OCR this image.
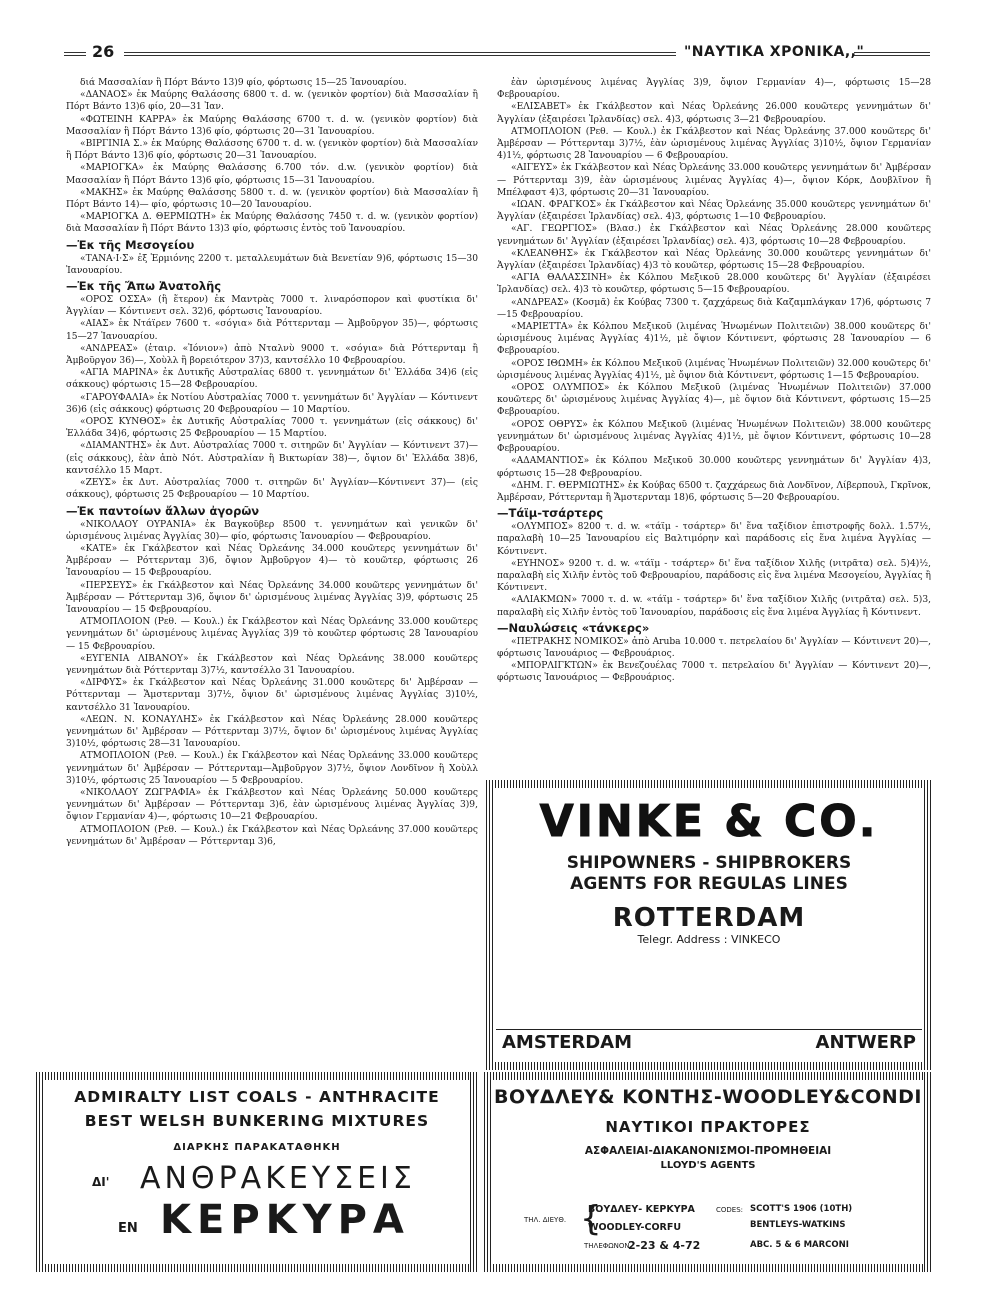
26	"ΝΑΥΤΙΚΑ ΧΡΟΝΙΚΑ,,"

διά Μασσαλίαν ἢ Πόρτ Βάντο 13)9 φίο, φόρτωσις 15—25 Ἰανουαρίου.

«ΔΑΝΑΟΣ» ἐκ Μαύρης Θαλάσσης 6800 τ. d. w. (γενικὸν φορτίον) διὰ Μασσαλίαν ἢ Πόρτ Βάντο 13)6 φίο, 20—31 Ἰαν.

«ΦΩΤΕΙΝΗ ΚΑΡΡΑ» ἐκ Μαύρης Θαλάσσης 6700 τ. d. w. (γενικὸν φορτίον) διὰ Μασσαλίαν ἢ Πόρτ Βάντο 13)6 φίο, φόρτωσις 20—31 Ἰανουαρίου.

«ΒΙΡΓΙΝΙΑ Σ.» ἐκ Μαύρης Θαλάσσης 6700 τ. d. w. (γενικὸν φορτίον) διὰ Μασσαλίαν ἢ Πόρτ Βάντο 13)6 φίο, φόρτωσις 20—31 Ἰανουαρίου.

«ΜΑΡΙΟΓΚΑ» ἐκ Μαύρης Θαλάσσης 6.700 τόν. d.w. (γενικὸν φορτίον) διὰ Μασσαλίαν ἢ Πόρτ Βάντο 13)6 φίο, φόρτωσις 15—31 Ἰανουαρίου.

«ΜΑΚΗΣ» ἐκ Μαύρης Θαλάσσης 5800 τ. d. w. (γενικὸν φορτίον) διὰ Μασσαλίαν ἢ Πόρτ Βάντο 14)— φίο, φόρτωσις 10—20 Ἰανουαρίου.

«ΜΑΡΙΟΓΚΑ Δ. ΘΕΡΜΙΩΤΗ» ἐκ Μαύρης Θαλάσσης 7450 τ. d. w. (γενικὸν φορτίον) διὰ Μασσαλίαν ἢ Πόρτ Βάντο 13)3 φίο, φόρτωσις ἐντὸς τοῦ Ἰανουαρίου.

—Ἐκ τῆς Μεσογείου

«ΤΑΝΑ·Ι·Σ» ἐξ Ἑρμιόνης 2200 τ. μεταλλευμάτων διὰ Βενετίαν 9)6, φόρτωσις 15—30 Ἰανουαρίου.

—Ἐκ τῆς Ἄπω Ἀνατολῆς

«ΟΡΟΣ ΟΣΣΑ» (ἢ ἕτερον) ἐκ Μαντρὰς 7000 τ. λιναρόσπορον καὶ φυστίκια δι' Ἀγγλίαν — Κόντινεντ σελ. 32)6, φόρτωσις Ἰανουαρίου.

«ΑΙΑΣ» ἐκ Ντάϊρεν 7600 τ. «σόγια» διὰ Ρόττερνταμ — Ἀμβοῦργον 35)—, φόρτωσις 15—27 Ἰανουαρίου.

«ΑΝΔΡΕΑΣ» (ἑταιρ. «Ἰόνιον») ἀπὸ Νταλνὺ 9000 τ. «σόγια» διὰ Ρόττερνταμ ἢ Ἀμβοῦργον 36)—, Χοὺλλ ἢ βορειότερον 37)3, καντσέλλο 10 Φεβρουαρίου.

«ΑΓΙΑ ΜΑΡΙΝΑ» ἐκ Δυτικῆς Αὐστραλίας 6800 τ. γεννημάτων δι' Ἑλλάδα 34)6 (εἰς σάκκους) φόρτωσις 15—28 Φεβρουαρίου.

«ΓΑΡΟΥΦΑΛΙΑ» ἐκ Νοτίου Αὐστραλίας 7000 τ. γεννημάτων δι' Ἀγγλίαν — Κόντινεντ 36)6 (εἰς σάκκους) φόρτωσις 20 Φεβρουαρίου — 10 Μαρτίου.

«ΟΡΟΣ ΚΥΝΘΟΣ» ἐκ Δυτικῆς Αὐστραλίας 7000 τ. γεννημάτων (εἰς σάκκους) δι' Ἑλλάδα 34)6, φόρτωσις 25 Φεβρουαρίου — 15 Μαρτίου.

«ΔΙΑΜΑΝΤΗΣ» ἐκ Δυτ. Αὐστραλίας 7000 τ. σιτηρῶν δι' Ἀγγλίαν — Κόντινεντ 37)— (εἰς σάκκους), ἐὰν ἀπὸ Νότ. Αὐστραλίαν ἢ Βικτωρίαν 38)—, ὄψιον δι' Ἑλλάδα 38)6, καντσέλλο 15 Μαρτ.

«ΖΕΥΣ» ἐκ Δυτ. Αὐστραλίας 7000 τ. σιτηρῶν δι' Ἀγγλίαν—Κόντινεντ 37)— (εἰς σάκκους), φόρτωσις 25 Φεβρουαρίου — 10 Μαρτίου.

—Ἐκ παντοίων ἄλλων ἀγορῶν

«ΝΙΚΟΛΑΟΥ ΟΥΡΑΝΙΑ» ἐκ Βαγκοῦβερ 8500 τ. γεννημάτων καὶ γενικῶν δι' ὡρισμένους λιμένας Ἀγγλίας 30)— φίο, φόρτωσις Ἰανουαρίου — Φεβρουαρίου.

«ΚΑΤΕ» ἐκ Γκάλβεστον καὶ Νέας Ὀρλεάνης 34.000 κουῶτερς γεννημάτων δι' Ἀμβέρσαν — Ρόττερνταμ 3)6, ὄψιον Ἀμβοῦργον 4)— τὸ κουῶτερ, φόρτωσις 26 Ἰανουαρίου — 15 Φεβρουαρίου.

«ΠΕΡΣΕΥΣ» ἐκ Γκάλβεστον καὶ Νέας Ὀρλεάνης 34.000 κουῶτερς γεννημάτων δι' Ἀμβέρσαν — Ρόττερνταμ 3)6, ὄψιον δι' ὡρισμένους λιμένας Ἀγγλίας 3)9, φόρτωσις 25 Ἰανουαρίου — 15 Φεβρουαρίου.

ΑΤΜΟΠΛΟΙΟΝ (Ρεθ. — Κουλ.) ἐκ Γκάλβεστον καὶ Νέας Ὀρλεάνης 33.000 κουῶτερς γεννημάτων δι' ὡρισμένους λιμένας Ἀγγλίας 3)9 τὸ κουῶτερ φόρτωσις 28 Ἰανουαρίου — 15 Φεβρουαρίου.

«ΕΥΓΕΝΙΑ ΛΙΒΑΝΟΥ» ἐκ Γκάλβεστον καὶ Νέας Ὀρλεάνης 38.000 κουῶτερς γεννημάτων διὰ Ρόττερνταμ 3)7½, καντσέλλο 31 Ἰανουαρίου.

«ΔΙΡΦΥΣ» ἐκ Γκάλβεστον καὶ Νέας Ὀρλεάνης 31.000 κουῶτερς δι' Ἀμβέρσαν — Ρόττερνταμ — Ἄμστερνταμ 3)7½, ὄψιον δι' ὡρισμένους λιμένας Ἀγγλίας 3)10½, καντσέλλο 31 Ἰανουαρίου.

«ΛΕΩΝ. Ν. ΚΟΝΑΥΛΗΣ» ἐκ Γκάλβεστον καὶ Νέας Ὀρλεάνης 28.000 κουῶτερς γεννημάτων δι' Ἀμβέρσαν — Ρόττερνταμ 3)7½, ὄψιον δι' ὡρισμένους λιμένας Ἀγγλίας 3)10½, φόρτωσις 28—31 Ἰανουαρίου.

ΑΤΜΟΠΛΟΙΟΝ (Ρεθ. — Κουλ.) ἐκ Γκάλβεστον καὶ Νέας Ὀρλεάνης 33.000 κουῶτερς γεννημάτων δι' Ἀμβέρσαν — Ρόττερνταμ—Ἀμβοῦργον 3)7½, ὄψιον Λονδῖνον ἢ Χοὺλλ 3)10½, φόρτωσις 25 Ἰανουαρίου — 5 Φεβρουαρίου.

«ΝΙΚΟΛΑΟΥ ΖΩΓΡΑΦΙΑ» ἐκ Γκάλβεστον καὶ Νέας Ὀρλεάνης 50.000 κουῶτερς γεννημάτων δι' Ἀμβέρσαν — Ρόττερνταμ 3)6, ἐὰν ὡρισμένους λιμένας Ἀγγλίας 3)9, ὄψιον Γερμανίαν 4)—, φόρτωσις 10—21 Φεβρουαρίου.

ΑΤΜΟΠΛΟΙΟΝ (Ρεθ. — Κουλ.) ἐκ Γκάλβεστον καὶ Νέας Ὀρλεάνης 37.000 κουῶτερς γεννημάτων δι' Ἀμβέρσαν — Ρόττερνταμ 3)6,

ἐὰν ὡρισμένους λιμένας Ἀγγλίας 3)9, ὄψιον Γερμανίαν 4)—, φόρτωσις 15—28 Φεβρουαρίου.

«ΕΛΙΣΑΒΕΤ» ἐκ Γκάλβεστον καὶ Νέας Ὀρλεάνης 26.000 κουῶτερς γεννημάτων δι' Ἀγγλίαν (ἐξαιρέσει Ἰρλανδίας) σελ. 4)3, φόρτωσις 3—21 Φεβρουαρίου.

ΑΤΜΟΠΛΟΙΟΝ (Ρεθ. — Κουλ.) ἐκ Γκάλβεστον καὶ Νέας Ὀρλεάνης 37.000 κουῶτερς δι' Ἀμβέρσαν — Ρόττερνταμ 3)7½, ἐὰν ὡρισμένους λιμένας Ἀγγλίας 3)10½, ὄψιον Γερμανίαν 4)1½, φόρτωσις 28 Ἰανουαρίου — 6 Φεβρουαρίου.

«ΑΙΓΕΥΣ» ἐκ Γκάλβεστον καὶ Νέας Ὀρλεάνης 33.000 κουῶτερς γεννημάτων δι' Ἀμβέρσαν — Ρόττερνταμ 3)9, ἐὰν ὡρισμένους λιμένας Ἀγγλίας 4)—, ὄψιον Κόρκ, Δουβλῖνον ἢ Μπέλφαστ 4)3, φόρτωσις 20—31 Ἰανουαρίου.

«ΙΩΑΝ. ΦΡΑΓΚΟΣ» ἐκ Γκάλβεστον καὶ Νέας Ὀρλεάνης 35.000 κουῶτερς γεννημάτων δι' Ἀγγλίαν (ἐξαιρέσει Ἰρλανδίας) σελ. 4)3, φόρτωσις 1—10 Φεβρουαρίου.

«ΑΓ. ΓΕΩΡΓΙΟΣ» (Βλασ.) ἐκ Γκάλβεστον καὶ Νέας Ὀρλεάνης 28.000 κουῶτερς γεννημάτων δι' Ἀγγλίαν (ἐξαιρέσει Ἰρλανδίας) σελ. 4)3, φόρτωσις 10—28 Φεβρουαρίου.

«ΚΛΕΑΝΘΗΣ» ἐκ Γκάλβεστον καὶ Νέας Ὀρλεάνης 30.000 κουῶτερς γεννημάτων δι' Ἀγγλίαν (ἐξαιρέσει Ἰρλανδίας) 4)3 τὸ κουῶτερ, φόρτωσις 15—28 Φεβρουαρίου.

«ΑΓΙΑ ΘΑΛΑΣΣΙΝΗ» ἐκ Κόλπου Μεξικοῦ 28.000 κουῶτερς δι' Ἀγγλίαν (ἐξαιρέσει Ἰρλανδίας) σελ. 4)3 τὸ κουῶτερ, φόρτωσις 5—15 Φεβρουαρίου.

«ΑΝΔΡΕΑΣ» (Κοσμᾶ) ἐκ Κούβας 7300 τ. ζαχχάρεως διὰ Καζαμπλάγκαν 17)6, φόρτωσις 7—15 Φεβρουαρίου.

«ΜΑΡΙΕΤΤΑ» ἐκ Κόλπου Μεξικοῦ (λιμένας Ἡνωμένων Πολιτειῶν) 38.000 κουῶτερς δι' ὡρισμένους λιμένας Ἀγγλίας 4)1½, μὲ ὄψιον Κόντινεντ, φόρτωσις 28 Ἰανουαρίου — 6 Φεβρουαρίου.

«ΟΡΟΣ ΙΘΩΜΗ» ἐκ Κόλπου Μεξικοῦ (λιμένας Ἡνωμένων Πολιτειῶν) 32.000 κουῶτερς δι' ὡρισμένους λιμένας Ἀγγλίας 4)1½, μὲ ὄψιον διὰ Κόντινεντ, φόρτωσις 1—15 Φεβρουαρίου.

«ΟΡΟΣ ΟΛΥΜΠΟΣ» ἐκ Κόλπου Μεξικοῦ (λιμένας Ἡνωμένων Πολιτειῶν) 37.000 κουῶτερς δι' ὡρισμένους λιμένας Ἀγγλίας 4)—, μὲ ὄψιον διὰ Κόντινεντ, φόρτωσις 15—25 Φεβρουαρίου.

«ΟΡΟΣ ΟΘΡΥΣ» ἐκ Κόλπου Μεξικοῦ (λιμένας Ἡνωμένων Πολιτειῶν) 38.000 κουῶτερς γεννημάτων δι' ὡρισμένους λιμένας Ἀγγλίας 4)1½, μὲ ὄψιον Κόντινεντ, φόρτωσις 10—28 Φεβρουαρίου.

«ΑΔΑΜΑΝΤΙΟΣ» ἐκ Κόλπου Μεξικοῦ 30.000 κουῶτερς γεννημάτων δι' Ἀγγλίαν 4)3, φόρτωσις 15—28 Φεβρουαρίου.

«ΔΗΜ. Γ. ΘΕΡΜΙΩΤΗΣ» ἐκ Κούβας 6500 τ. ζαχχάρεως διὰ Λονδῖνον, Λίβερπουλ, Γκρῖνοκ, Ἀμβέρσαν, Ρόττερνταμ ἢ Ἄμστερνταμ 18)6, φόρτωσις 5—20 Φεβρουαρίου.

—Τάϊμ-τσάρτερς

«ΟΛΥΜΠΟΣ» 8200 τ. d. w. «τάϊμ - τσάρτερ» δι' ἕνα ταξίδιον ἐπιστροφῆς δολλ. 1.57½, παραλαβὴ 10—25 Ἰανουαρίου εἰς Βαλτιμόρην καὶ παράδοσις εἰς ἕνα λιμένα Ἀγγλίας — Κόντινεντ.

«ΕΥΗΝΟΣ» 9200 τ. d. w. «τάϊμ - τσάρτερ» δι' ἕνα ταξίδιον Χιλῆς (νιτρᾶτα) σελ. 5)4)½, παραλαβὴ εἰς Χιλῆν ἐντὸς τοῦ Φεβρουαρίου, παράδοσις εἰς ἕνα λιμένα Μεσογείου, Ἀγγλίας ἢ Κόντινεντ.

«ΑΛΙΑΚΜΩΝ» 7000 τ. d. w. «τάϊμ - τσάρτερ» δι' ἕνα ταξίδιον Χιλῆς (νιτρᾶτα) σελ. 5)3, παραλαβὴ εἰς Χιλῆν ἐντὸς τοῦ Ἰανουαρίου, παράδοσις εἰς ἕνα λιμένα Ἀγγλίας ἢ Κόντινεντ.

—Ναυλώσεις «τάνκερς»

«ΠΕΤΡΑΚΗΣ ΝΟΜΙΚΟΣ» ἀπὸ Aruba 10.000 τ. πετρελαίου δι' Ἀγγλίαν — Κόντινεντ 20)—, φόρτωσις Ἰανουάριος — Φεβρουάριος.

«ΜΠΟΡΛΙΓΚΤΩΝ» ἐκ Βενεζουέλας 7000 τ. πετρελαίου δι' Ἀγγλίαν — Κόντινεντ 20)—, φόρτωσις Ἰανουάριος — Φεβρουάριος.

VINKE & CO.
SHIPOWNERS - SHIPBROKERS
AGENTS FOR REGULAS LINES
ROTTERDAM
Telegr. Address : VINKECO
AMSTERDAM	ANTWERP
ADMIRALTY LIST COALS - ANTHRACITE
BEST WELSH BUNKERING MIXTURES
ΔΙΑΡΚΗΣ ΠΑΡΑΚΑΤΑΘΗΚΗ
ΔΙ' ΑΝΘΡΑΚΕΥΣΕΙΣ
ΕΝ ΚΕΡΚΥΡΑ
ΒΟΥΔΛΕΥ& ΚΟΝΤΗΣ-WOODLEY&CONDI
ΝΑΥΤΙΚΟΙ ΠΡΑΚΤΟΡΕΣ
ΑΣΦΑΛΕΙΑΙ-ΔΙΑΚΑΝΟΝΙΣΜΟΙ-ΠΡΟΜΗΘΕΙΑΙ
LLOYD'S AGENTS
ΤΗΛ. ΔΙΕΥΘ. {
ΒΟΥΔΛΕΥ- ΚΕΡΚΥΡΑ
WOODLEY-CORFU
CODES: SCOTT'S 1906 (10TH)
BENTLEYS-WATKINS
ΤΗΛΕΦΩΝΟΝ.
2-23 & 4-72	ABC. 5 & 6 MARCONI
